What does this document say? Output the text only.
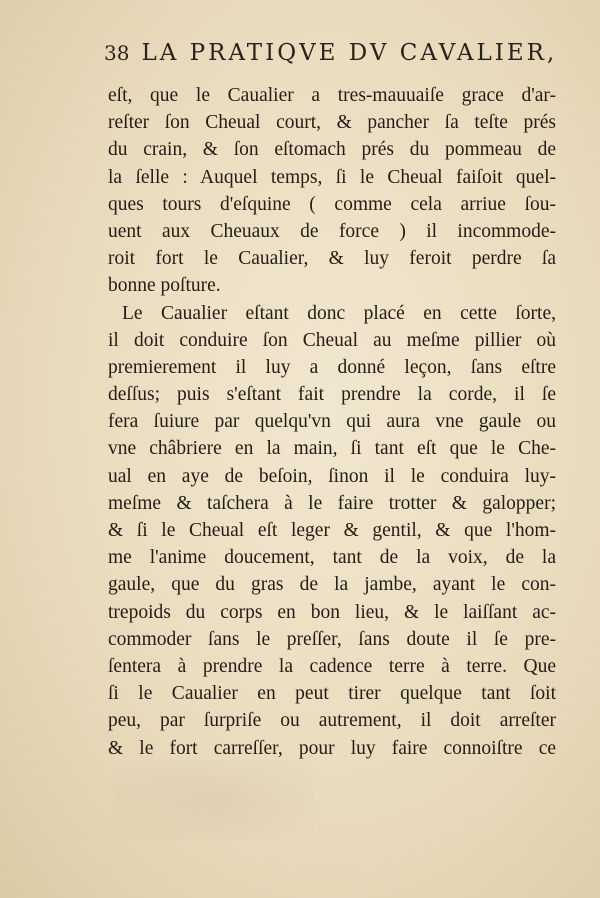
38 LA PRATIQVE DV CAVALIER,
eſt, que le Caualier a tres-mauuaiſe grace d'ar-
reſter ſon Cheual court, & pancher ſa teſte prés
du crain, & ſon eſtomach prés du pommeau de
la ſelle : Auquel temps, ſi le Cheual faiſoit quel-
ques tours d'eſquine ( comme cela arriue ſou-
uent aux Cheuaux de force ) il incommode-
roit fort le Caualier, & luy feroit perdre ſa
bonne poſture.
Le Caualier eſtant donc placé en cette ſorte,
il doit conduire ſon Cheual au meſme pillier où
premierement il luy a donné leçon, ſans eſtre
deſſus; puis s'eſtant fait prendre la corde, il ſe
fera ſuiure par quelqu'vn qui aura vne gaule ou
vne châbriere en la main, ſi tant eſt que le Che-
ual en aye de beſoin, ſinon il le conduira luy-
meſme & taſchera à le faire trotter & galopper;
& ſi le Cheual eſt leger & gentil, & que l'hom-
me l'anime doucement, tant de la voix, de la
gaule, que du gras de la jambe, ayant le con-
trepoids du corps en bon lieu, & le laiſſant ac-
commoder ſans le preſſer, ſans doute il ſe pre-
ſentera à prendre la cadence terre à terre. Que
ſi le Caualier en peut tirer quelque tant ſoit
peu, par ſurpriſe ou autrement, il doit arreſter
& le fort carreſſer, pour luy faire connoiſtre ce
